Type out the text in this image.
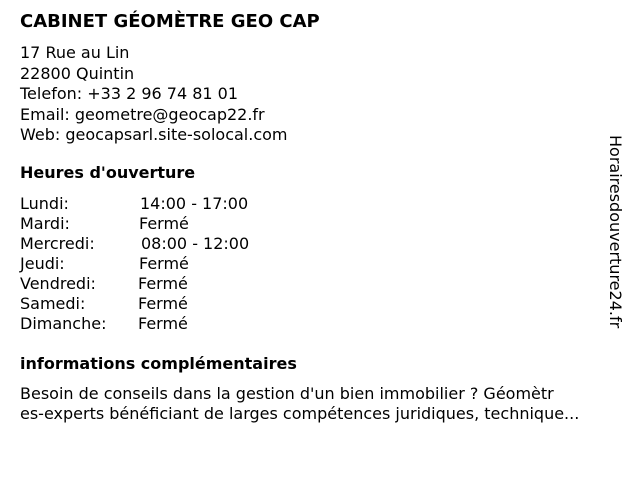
CABINET GÉOMÈTRE GEO CAP
17 Rue au Lin
22800 Quintin
Telefon: +33 2 96 74 81 01
Email: geometre@geocap22.fr
Web: geocapsarl.site-solocal.com
Heures d'ouverture
Lundi:	14:00 - 17:00
Mardi:	Fermé
Mercredi:	08:00 - 12:00
Jeudi:	Fermé
Vendredi:	Fermé
Samedi:	Fermé
Dimanche: Fermé
informations complémentaires
Besoin de conseils dans la gestion d'un bien immobilier ? Géomètr
es-experts bénéficiant de larges compétences juridiques, technique...
Horairesdouverture24.fr
